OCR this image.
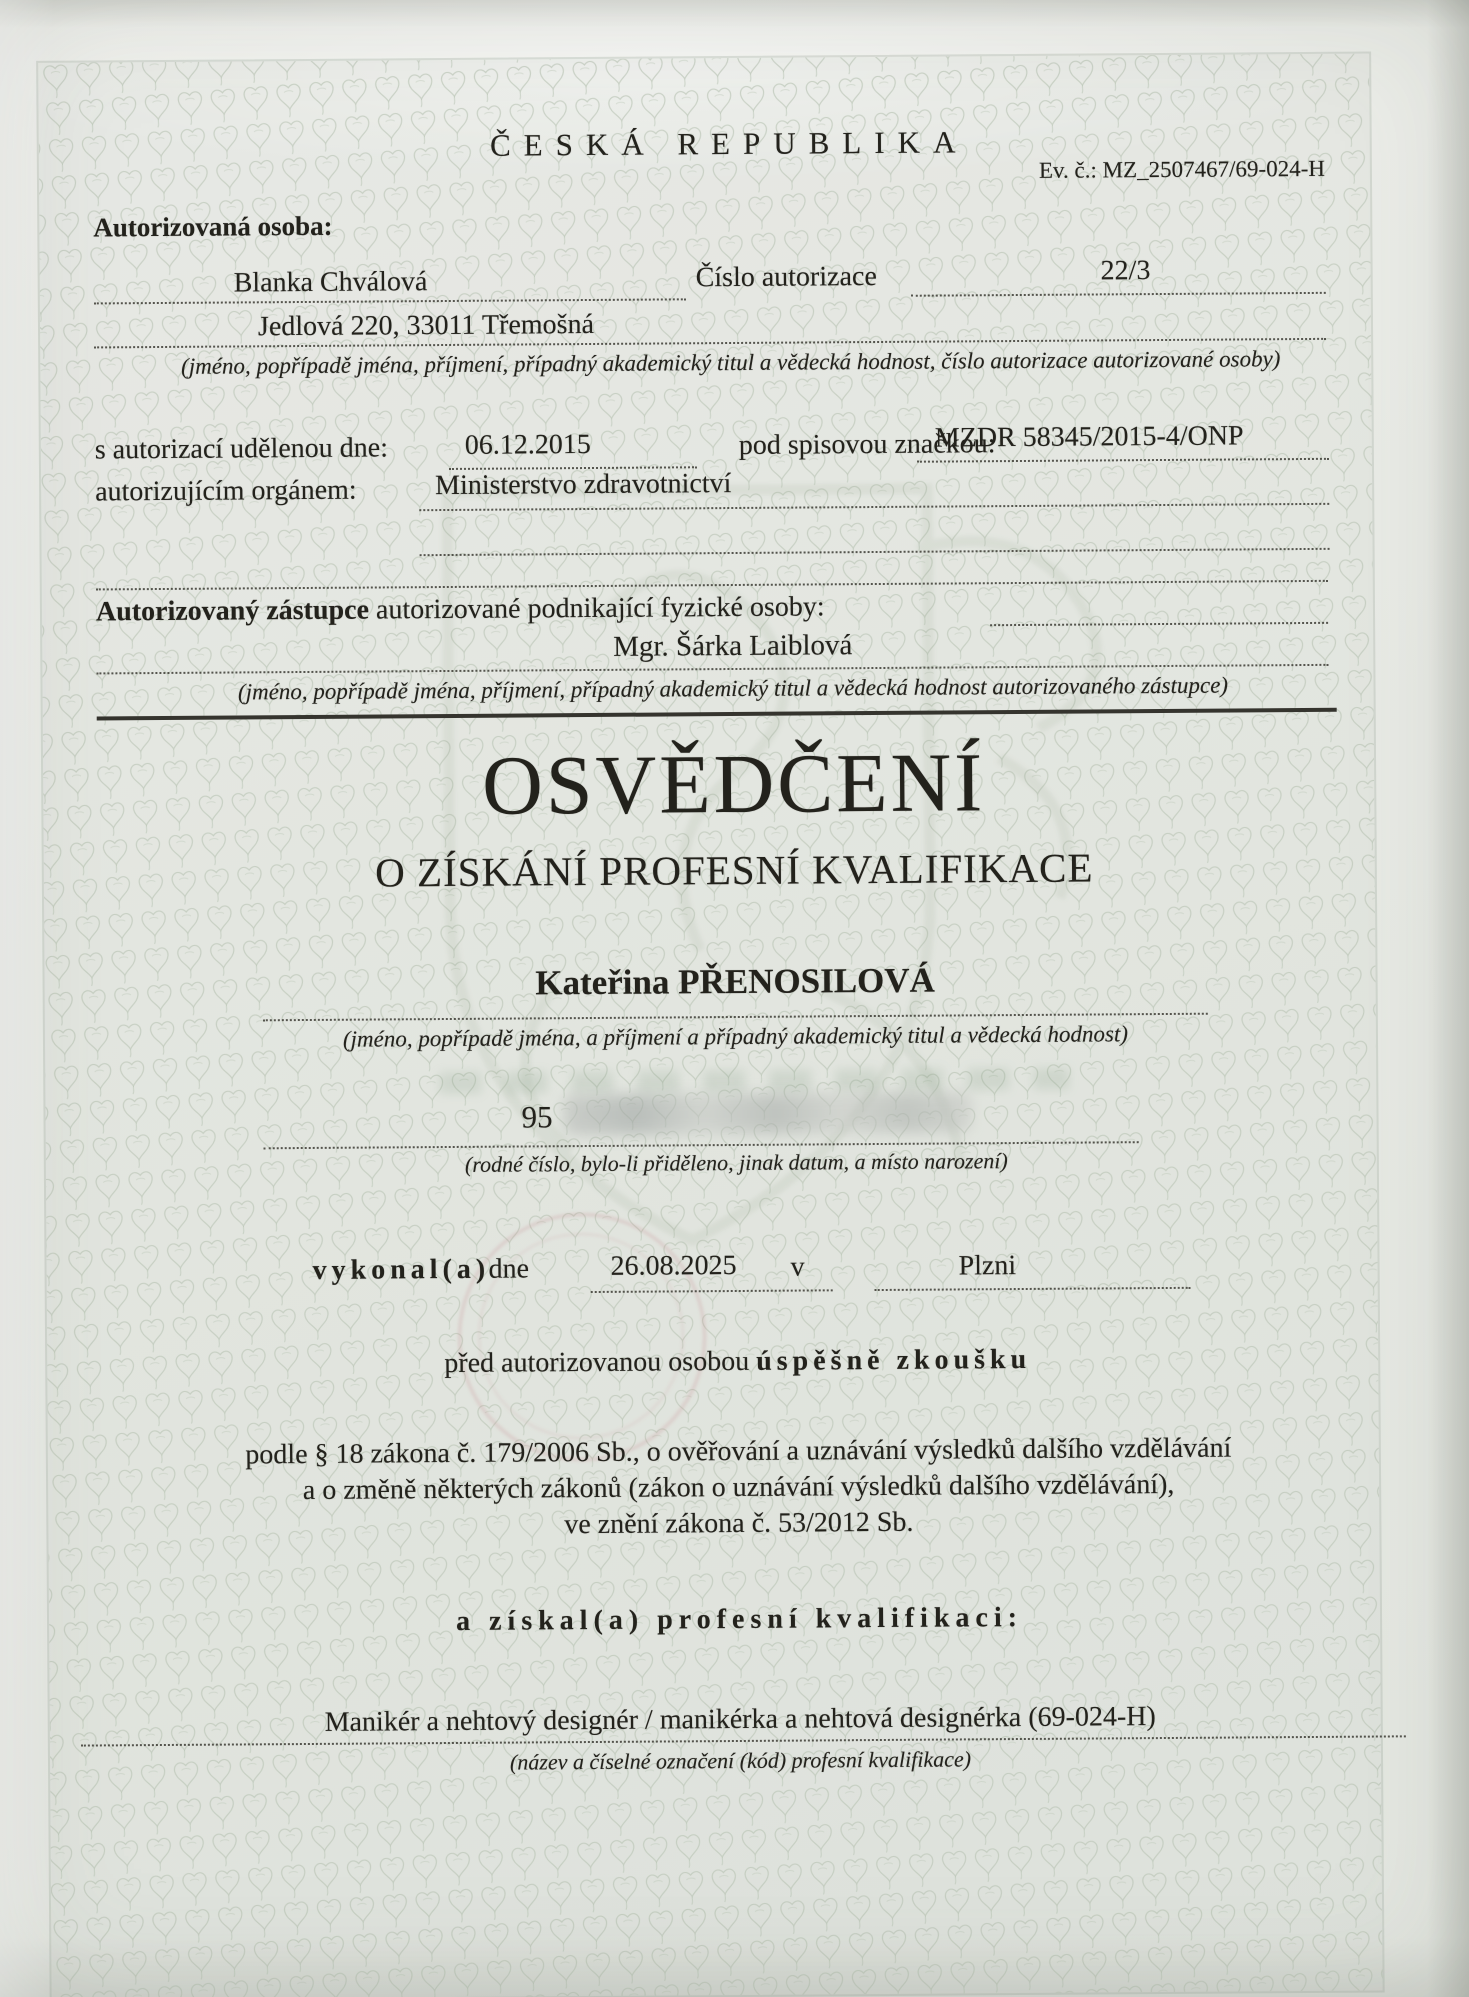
ČESKÁ REPUBLIKA
Ev. č.: MZ_2507467/69-024-H
Autorizovaná osoba:
Blanka Chválová	Číslo autorizace	22/3
Jedlová 220, 33011 Třemošná
(jméno, popřípadě jména, příjmení, případný akademický titul a vědecká hodnost, číslo autorizace autorizované osoby)
s autorizací udělenou dne:	06.12.2015	pod spisovou značkou:
MZDR 58345/2015-4/ONP
autorizujícím orgánem:	Ministerstvo zdravotnictví
Autorizovaný zástupce autorizované podnikající fyzické osoby:
Mgr. Šárka Laiblová
(jméno, popřípadě jména, příjmení, případný akademický titul a vědecká hodnost autorizovaného zástupce)
OSVĚDČENÍ
O ZÍSKÁNÍ PROFESNÍ KVALIFIKACE
Kateřina PŘENOSILOVÁ
(jméno, popřípadě jména, a příjmení a případný akademický titul a vědecká hodnost)
95
(rodné číslo, bylo-li přiděleno, jinak datum, a místo narození)
vykonal(a)
dne	26.08.2025 v	Plzni
před autorizovanou osobou úspěšně zkoušku
podle § 18 zákona č. 179/2006 Sb., o ověřování a uznávání výsledků dalšího vzdělávání
a o změně některých zákonů (zákon o uznávání výsledků dalšího vzdělávání),
ve znění zákona č. 53/2012 Sb.
a získal(a) profesní kvalifikaci:
Manikér a nehtový designér / manikérka a nehtová designérka (69-024-H)
(název a číselné označení (kód) profesní kvalifikace)
